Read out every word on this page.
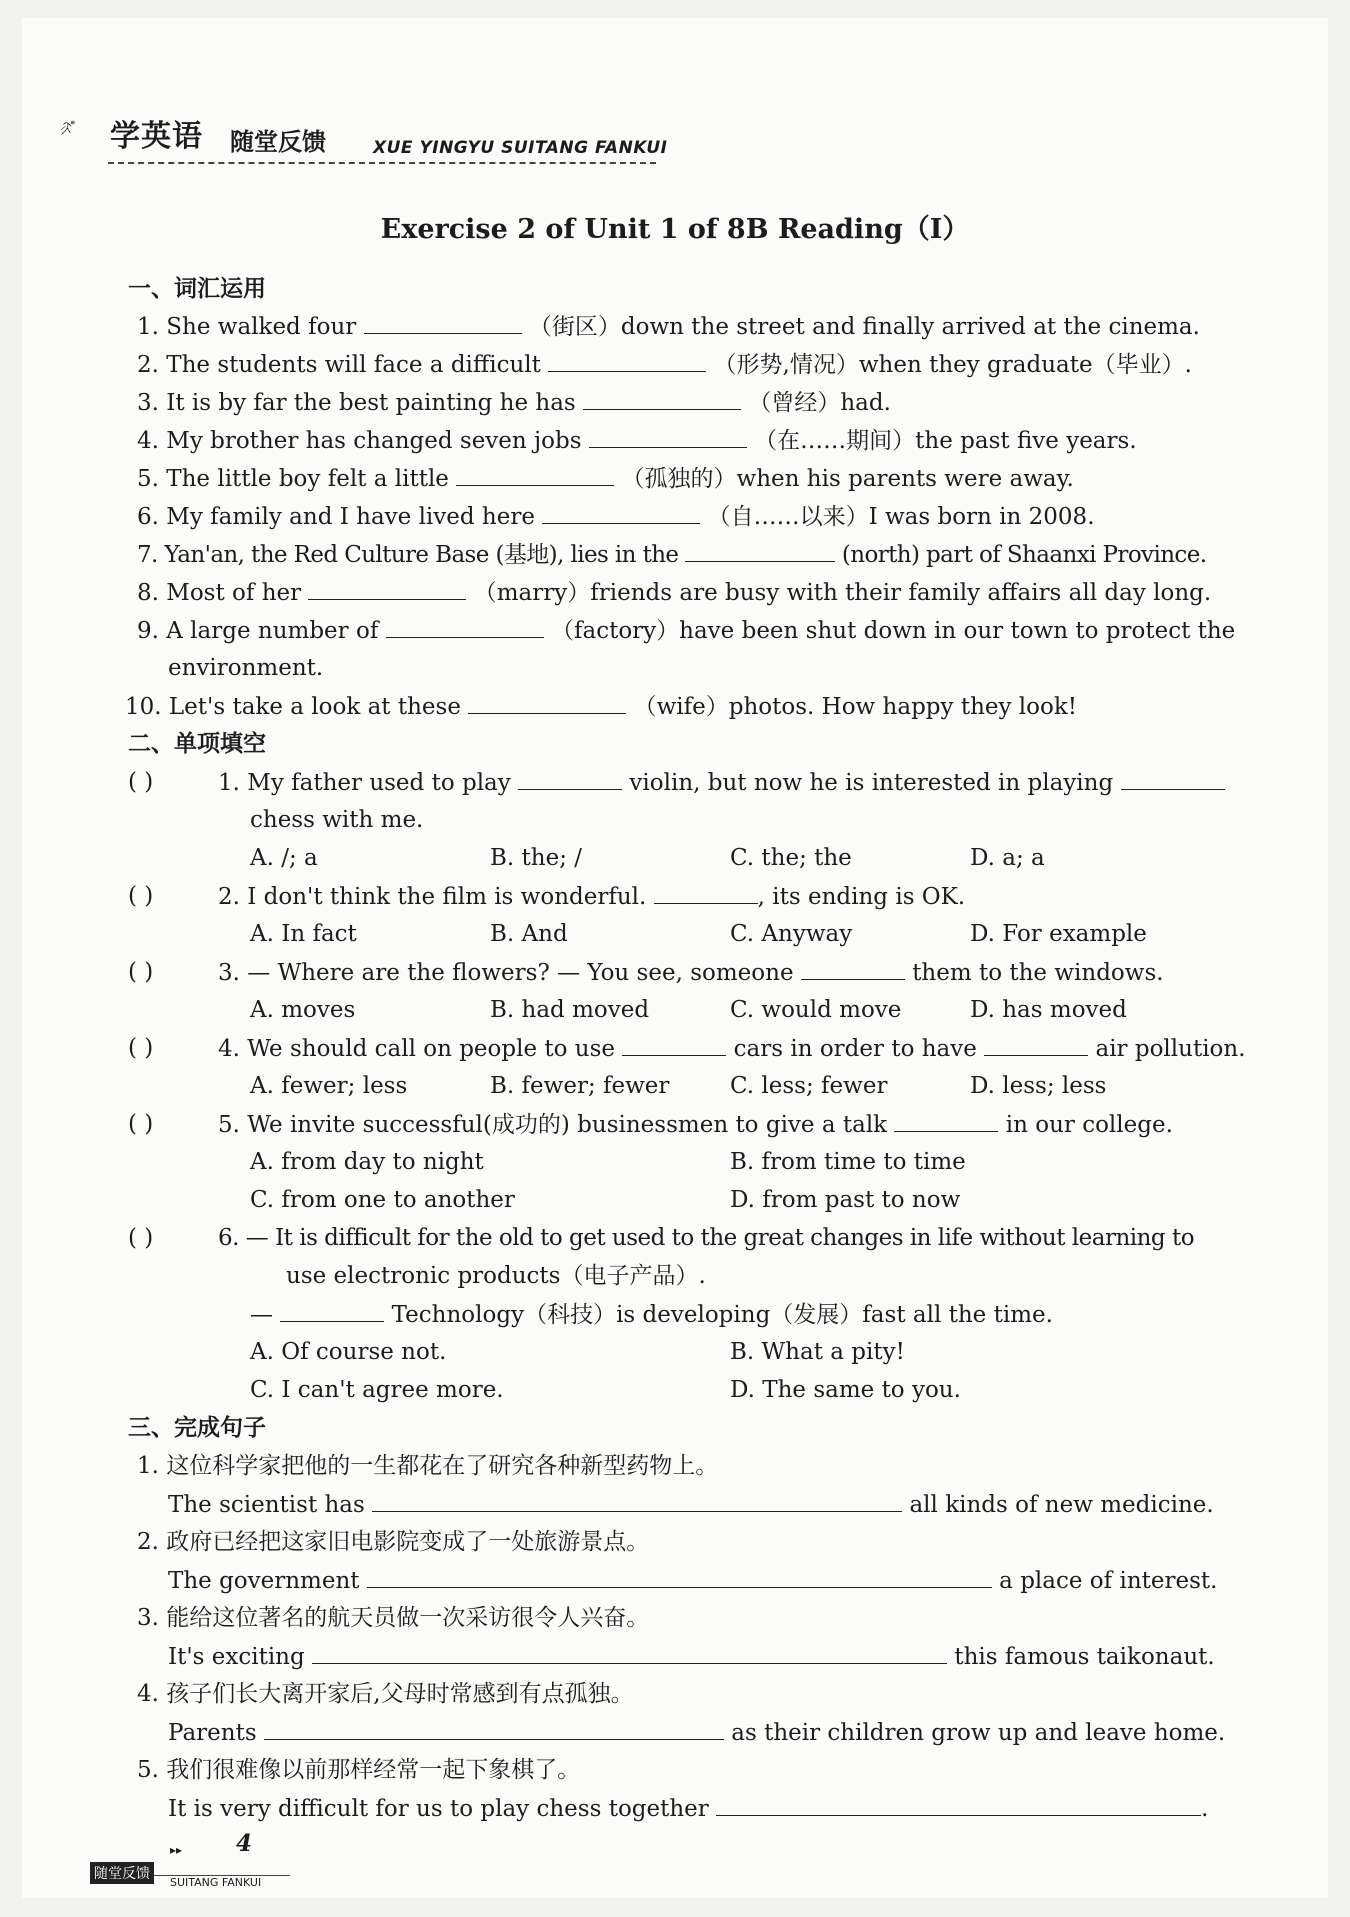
学英语 随堂反馈	XUE YINGYU SUITANG FANKUI
Exercise 2 of Unit 1 of 8B Reading（Ⅰ）
一、词汇运用
1. She walked four	（街区）down the street and finally arrived at the cinema.
2. The students will face a difficult	（形势,情况）when they graduate（毕业）.
3. It is by far the best painting he has	（曾经）had.
4. My brother has changed seven jobs	（在……期间）the past five years.
5. The little boy felt a little	（孤独的）when his parents were away.
6. My family and I have lived here	（自……以来）I was born in 2008.
7. Yan'an, the Red Culture Base (基地), lies in the	(north) part of Shaanxi Province.
8. Most of her	（marry）friends are busy with their family affairs all day long.
9. A large number of	（factory）have been shut down in our town to protect the
environment.
10. Let's take a look at these	（wife）photos. How happy they look!
二、单项填空
( )	1. My father used to play	violin, but now he is interested in playing
chess with me.
A. /; a	B. the; /	C. the; the	D. a; a
( )	2. I don't think the film is wonderful.	, its ending is OK.
A. In fact	B. And	C. Anyway	D. For example
( )	3. — Where are the flowers? — You see, someone	them to the windows.
A. moves	B. had moved	C. would move	D. has moved
( )	4. We should call on people to use	cars in order to have	air pollution.
A. fewer; less	B. fewer; fewer	C. less; fewer	D. less; less
( )	5. We invite successful(成功的) businessmen to give a talk	in our college.
A. from day to night	B. from time to time
C. from one to another	D. from past to now
( )	6. — It is difficult for the old to get used to the great changes in life without learning to
use electronic products（电子产品）.
—	Technology（科技）is developing（发展）fast all the time.
A. Of course not.	B. What a pity!
C. I can't agree more.	D. The same to you.
三、完成句子
1. 这位科学家把他的一生都花在了研究各种新型药物上。
The scientist has	all kinds of new medicine.
2. 政府已经把这家旧电影院变成了一处旅游景点。
The government	a place of interest.
3. 能给这位著名的航天员做一次采访很令人兴奋。
It's exciting	this famous taikonaut.
4. 孩子们长大离开家后,父母时常感到有点孤独。
Parents	as their children grow up and leave home.
5. 我们很难像以前那样经常一起下象棋了。
It is very difficult for us to play chess together	.
▸▸ 4
随堂反馈
SUITANG FANKUI
